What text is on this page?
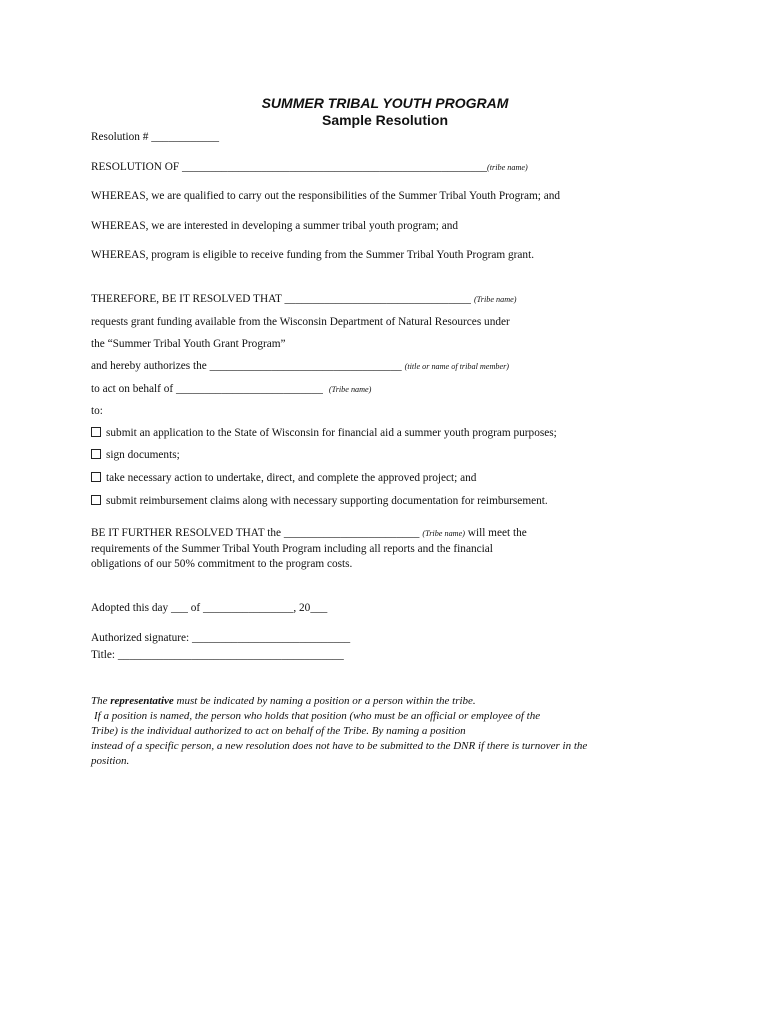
SUMMER TRIBAL YOUTH PROGRAM
Sample Resolution

Resolution # ____________

RESOLUTION OF ______________________________________________________(tribe name)

WHEREAS, we are qualified to carry out the responsibilities of the Summer Tribal Youth Program; and

WHEREAS, we are interested in developing a summer tribal youth program; and

WHEREAS, program is eligible to receive funding from the Summer Tribal Youth Program grant.

THEREFORE, BE IT RESOLVED THAT _________________________________ (Tribe name)

requests grant funding available from the Wisconsin Department of Natural Resources under

the “Summer Tribal Youth Grant Program”

and hereby authorizes the __________________________________ (title or name of tribal member)

to act on behalf of __________________________ (Tribe name)

to:

submit an application to the State of Wisconsin for financial aid a summer youth program purposes;

sign documents;

take necessary action to undertake, direct, and complete the approved project; and

submit reimbursement claims along with necessary supporting documentation for reimbursement.

BE IT FURTHER RESOLVED THAT the ________________________ (Tribe name) will meet the

requirements of the Summer Tribal Youth Program including all reports and the financial

obligations of our 50% commitment to the program costs.

Adopted this day ___ of ________________, 20___

Authorized signature: ____________________________

Title: ________________________________________

The representative must be indicated by naming a position or a person within the tribe.
If a position is named, the person who holds that position (who must be an official or employee of the
Tribe) is the individual authorized to act on behalf of the Tribe. By naming a position
instead of a specific person, a new resolution does not have to be submitted to the DNR if there is turnover in the
position.
